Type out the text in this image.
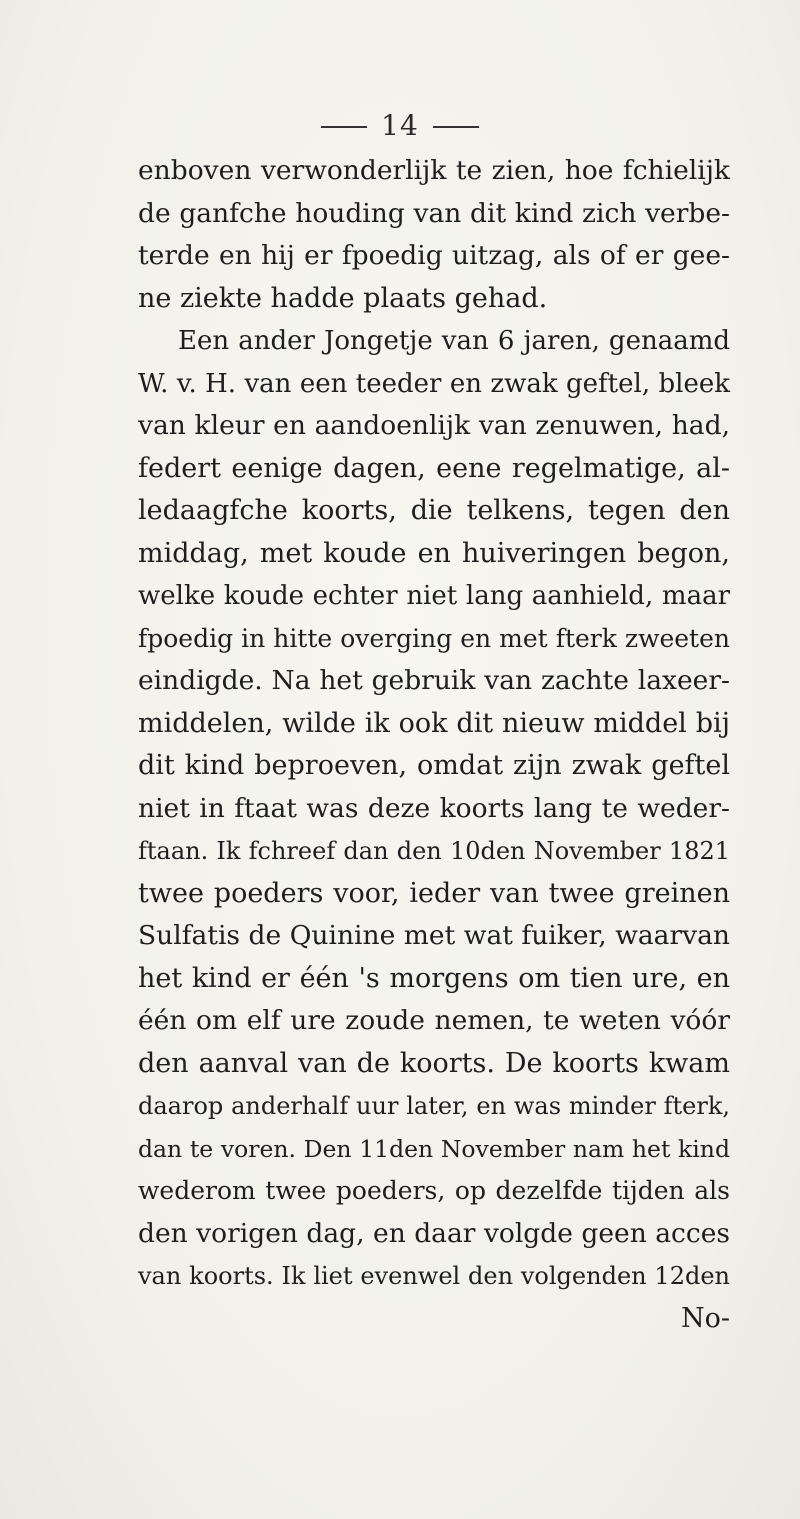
14
enboven verwonderlijk te zien, hoe fchielijk
de ganfche houding van dit kind zich verbe-
terde en hij er fpoedig uitzag, als of er gee-
ne ziekte hadde plaats gehad.
Een ander Jongetje van 6 jaren, genaamd
W. v. H. van een teeder en zwak geftel, bleek
van kleur en aandoenlijk van zenuwen, had,
federt eenige dagen, eene regelmatige, al-
ledaagfche koorts, die telkens, tegen den
middag, met koude en huiveringen begon,
welke koude echter niet lang aanhield, maar
fpoedig in hitte overging en met fterk zweeten
eindigde. Na het gebruik van zachte laxeer-
middelen, wilde ik ook dit nieuw middel bij
dit kind beproeven, omdat zijn zwak geftel
niet in ftaat was deze koorts lang te weder-
ftaan. Ik fchreef dan den 10den November 1821
twee poeders voor, ieder van twee greinen
Sulfatis de Quinine met wat fuiker, waarvan
het kind er één 's morgens om tien ure, en
één om elf ure zoude nemen, te weten vóór
den aanval van de koorts. De koorts kwam
daarop anderhalf uur later, en was minder fterk,
dan te voren. Den 11den November nam het kind
wederom twee poeders, op dezelfde tijden als
den vorigen dag, en daar volgde geen acces
van koorts. Ik liet evenwel den volgenden 12den
No-
